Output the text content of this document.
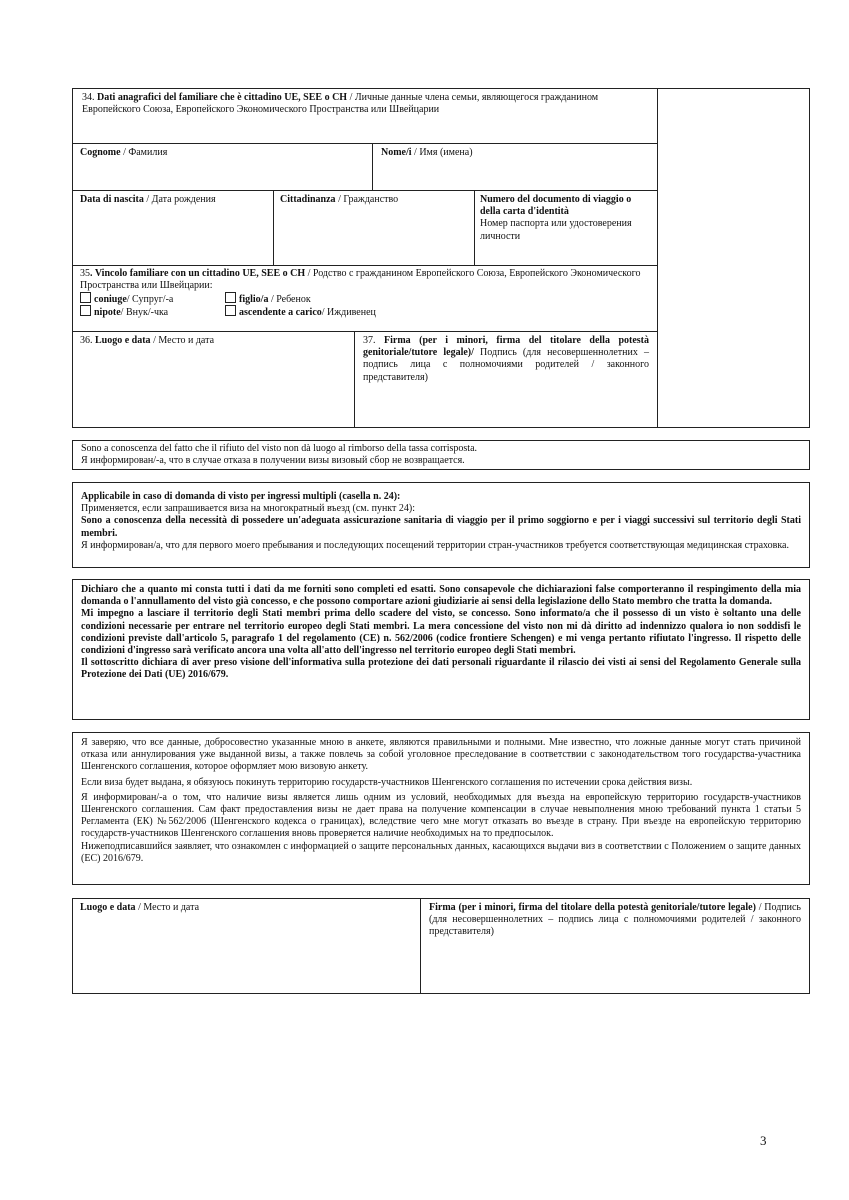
34. Dati anagrafici del familiare che è cittadino UE, SEE o CH / Личные данные члена семьи, являющегося гражданином Европейского Союза, Европейского Экономического Пространства или Швейцарии
Cognome / Фамилия	Nome/i / Имя (имена)
Data di nascita / Дата рождения	Cittadinanza / Гражданство	Numero del documento di viaggio o della carta d'identità
Номер паспорта или удостоверения личности
35. Vincolo familiare con un cittadino UE, SEE o CH / Родство с гражданином Европейского Союза, Европейского Экономического Пространства или Швейцарии:
coniuge/ Супруг/-а	figlio/a / Ребенок
nipote/ Внук/-чка	ascendente a carico/ Иждивенец
36. Luogo e data / Место и дата	37. Firma (per i minori, firma del titolare della potestà genitoriale/tutore legale)/ Подпись (для несовершеннолетних – подпись лица с полномочиями родителей / законного представителя)

Sono a conoscenza del fatto che il rifiuto del visto non dà luogo al rimborso della tassa corrisposta.

Я информирован/-а, что в случае отказа в получении визы визовый сбор не возвращается.

Applicabile in caso di domanda di visto per ingressi multipli (casella n. 24):

Применяется, если запрашивается виза на многократный въезд (см. пункт 24):

Sono a conoscenza della necessità di possedere un'adeguata assicurazione sanitaria di viaggio per il primo soggiorno e per i viaggi successivi sul territorio degli Stati membri.

Я информирован/а, что для первого моего пребывания и последующих посещений территории стран-участников требуется соответствующая медицинская страховка.

Dichiaro che a quanto mi consta tutti i dati da me forniti sono completi ed esatti. Sono consapevole che dichiarazioni false comporteranno il respingimento della mia domanda o l'annullamento del visto già concesso, e che possono comportare azioni giudiziarie ai sensi della legislazione dello Stato membro che tratta la domanda.

Mi impegno a lasciare il territorio degli Stati membri prima dello scadere del visto, se concesso. Sono informato/a che il possesso di un visto è soltanto una delle condizioni necessarie per entrare nel territorio europeo degli Stati membri. La mera concessione del visto non mi dà diritto ad indennizzo qualora io non soddisfi le condizioni previste dall'articolo 5, paragrafo 1 del regolamento (CE) n. 562/2006 (codice frontiere Schengen) e mi venga pertanto rifiutato l'ingresso. Il rispetto delle condizioni d'ingresso sarà verificato ancora una volta all'atto dell'ingresso nel territorio europeo degli Stati membri.

Il sottoscritto dichiara di aver preso visione dell'informativa sulla protezione dei dati personali riguardante il rilascio dei visti ai sensi del Regolamento Generale sulla Protezione dei Dati (UE) 2016/679.

Я заверяю, что все данные, добросовестно указанные мною в анкете, являются правильными и полными. Мне известно, что ложные данные могут стать причиной отказа или аннулирования уже выданной визы, а также повлечь за собой уголовное преследование в соответствии с законодательством того государства-участника Шенгенского соглашения, которое оформляет мою визовую анкету.

Если виза будет выдана, я обязуюсь покинуть территорию государств-участников Шенгенского соглашения по истечении срока действия визы.

Я информирован/-а о том, что наличие визы является лишь одним из условий, необходимых для въезда на европейскую территорию государств-участников Шенгенского соглашения. Сам факт предоставления визы не дает права на получение компенсации в случае невыполнения мною требований пункта 1 статьи 5 Регламента (ЕК) №562/2006 (Шенгенского кодекса о границах), вследствие чего мне могут отказать во въезде в страну. При въезде на европейскую территорию государств-участников Шенгенского соглашения вновь проверяется наличие необходимых на то предпосылок.

Нижеподписавшийся заявляет, что ознакомлен с информацией о защите персональных данных, касающихся выдачи виз в соответствии с Положением о защите данных (ЕС) 2016/679.

Luogo e data / Место и дата	Firma (per i minori, firma del titolare della potestà genitoriale/tutore legale) / Подпись (для несовершеннолетних – подпись лица с полномочиями родителей / законного представителя)
3
